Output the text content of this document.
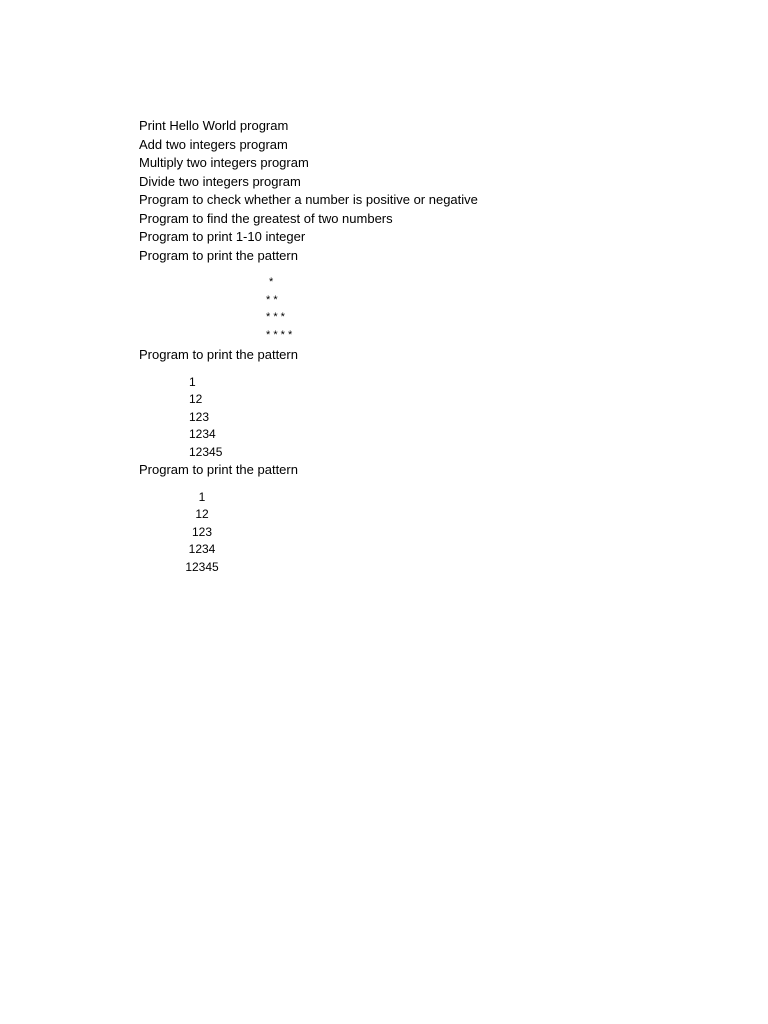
Print Hello World program

Add two integers program

Multiply two integers program

Divide two integers program

Program to check whether a number is positive or negative

Program to find the greatest of two numbers

Program to print 1-10 integer

Program to print the pattern

*
* *
* * *
* * * *

Program to print the pattern

1
12
123
1234
12345

Program to print the pattern

1
12
123
1234
12345
